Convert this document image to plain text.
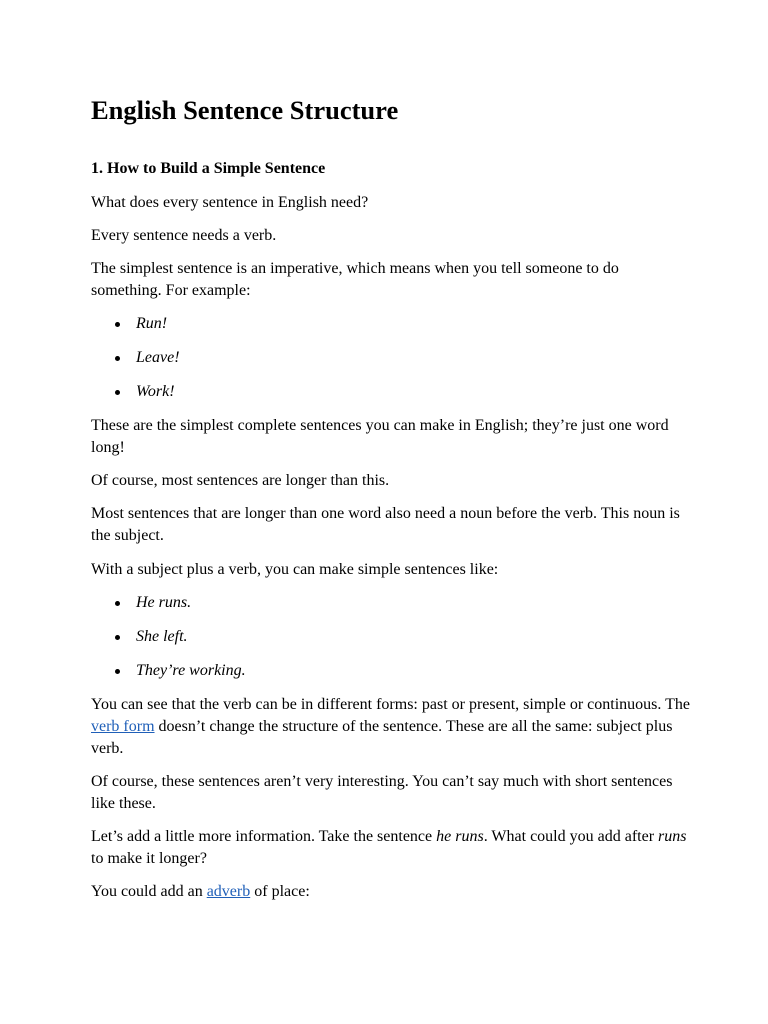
English Sentence Structure
1. How to Build a Simple Sentence

What does every sentence in English need?

Every sentence needs a verb.

The simplest sentence is an imperative, which means when you tell someone to do something. For example:

Run!
Leave!
Work!

These are the simplest complete sentences you can make in English; they’re just one word long!

Of course, most sentences are longer than this.

Most sentences that are longer than one word also need a noun before the verb. This noun is the subject.

With a subject plus a verb, you can make simple sentences like:

He runs.
She left.
They’re working.

You can see that the verb can be in different forms: past or present, simple or continuous. The verb form doesn’t change the structure of the sentence. These are all the same: subject plus verb.

Of course, these sentences aren’t very interesting. You can’t say much with short sentences like these.

Let’s add a little more information. Take the sentence he runs. What could you add after runs to make it longer?

You could add an adverb of place:
